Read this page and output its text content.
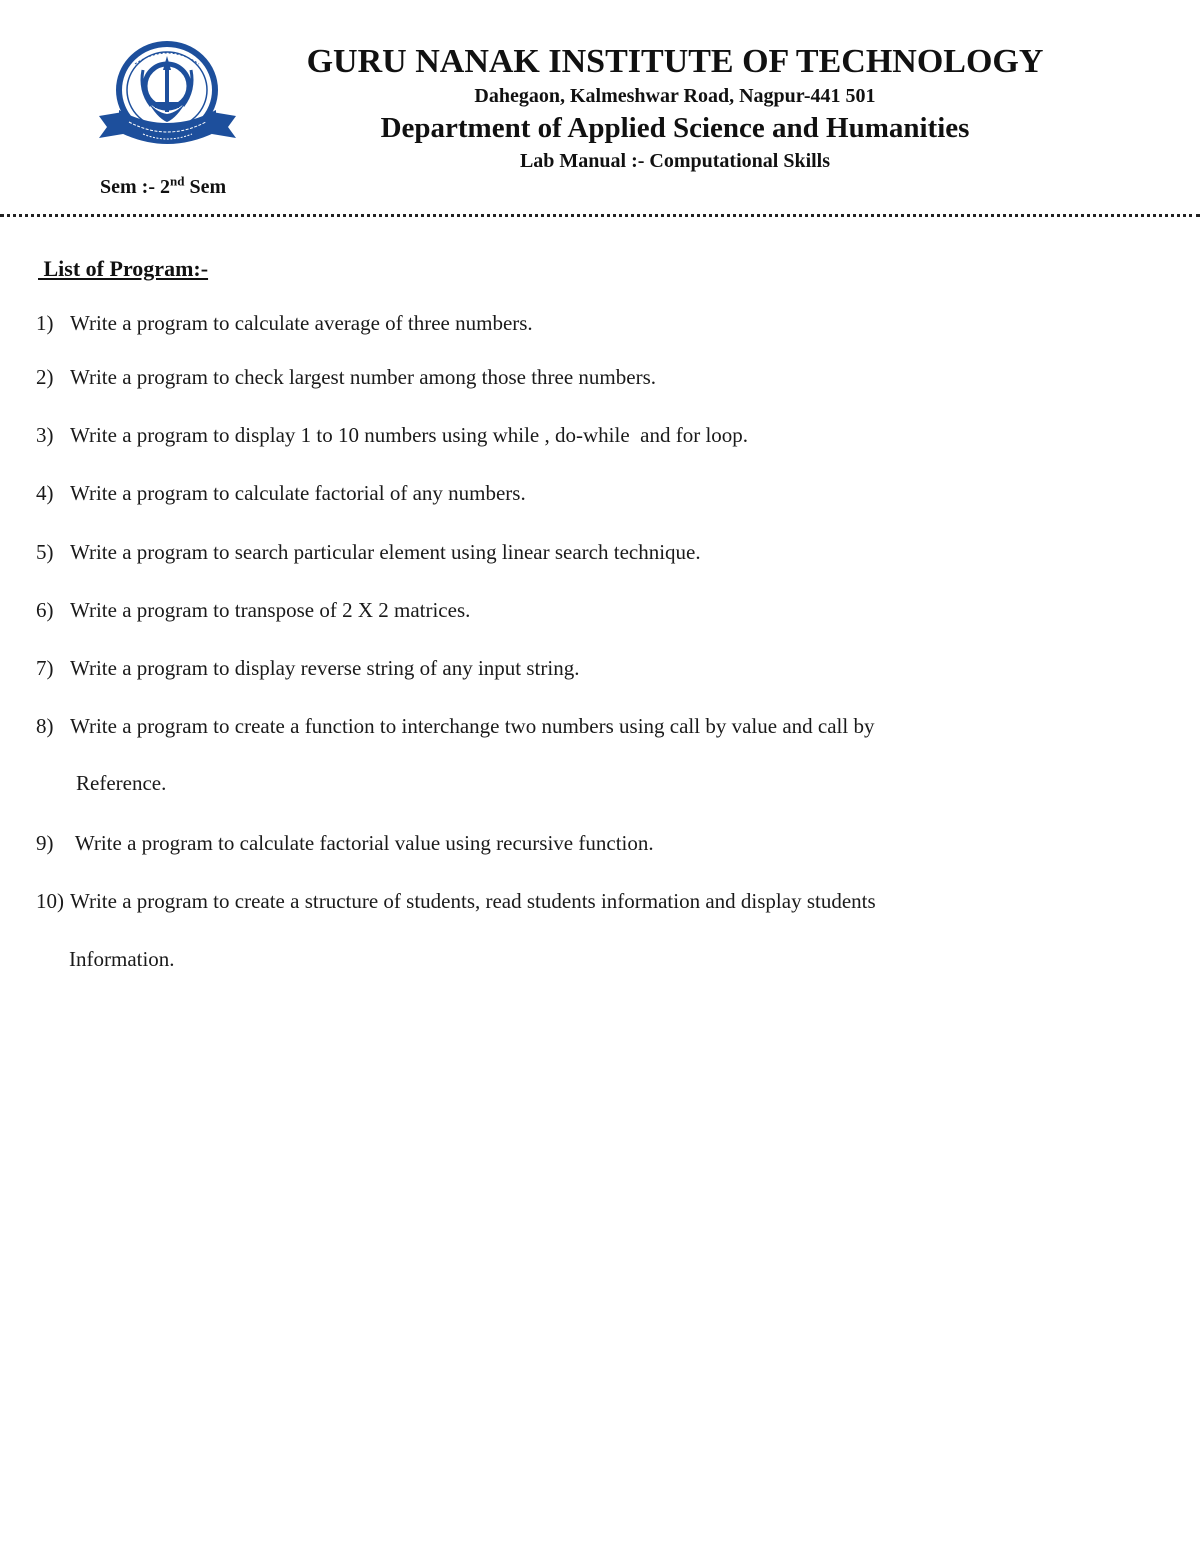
GURU NANAK INSTITUTE OF TECHNOLOGY
Dahegaon, Kalmeshwar Road, Nagpur-441 501
Department of Applied Science and Humanities
Lab Manual :- Computational Skills
Sem :- 2nd Sem
List of Program:-
1) Write a program to calculate average of three numbers.
2) Write a program to check largest number among those three numbers.
3) Write a program to display 1 to 10 numbers using while , do-while  and for loop.
4) Write a program to calculate factorial of any numbers.
5) Write a program to search particular element using linear search technique.
6) Write a program to transpose of 2 X 2 matrices.
7) Write a program to display reverse string of any input string.
8) Write a program to create a function to interchange two numbers using call by value and call by
Reference.
9) Write a program to calculate factorial value using recursive function.
10) Write a program to create a structure of students, read students information and display students
Information.
